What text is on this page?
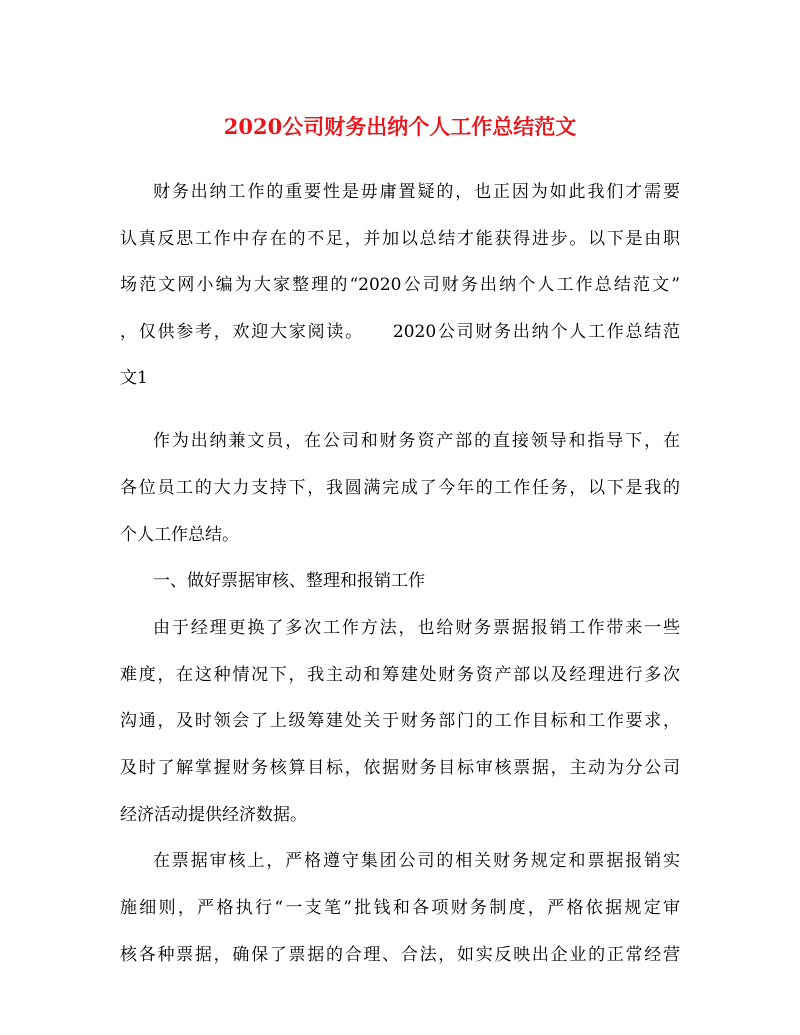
2020公司财务出纳个人工作总结范文
财务出纳工作的重要性是毋庸置疑的，也正因为如此我们才需要
认真反思工作中存在的不足，并加以总结才能获得进步。以下是由职
场范文网小编为大家整理的“2020公司财务出纳个人工作总结范文”
，仅供参考，欢迎大家阅读。　　2020公司财务出纳个人工作总结范
文1
作为出纳兼文员，在公司和财务资产部的直接领导和指导下，在
各位员工的大力支持下，我圆满完成了今年的工作任务，以下是我的
个人工作总结。
一、做好票据审核、整理和报销工作
由于经理更换了多次工作方法，也给财务票据报销工作带来一些
难度，在这种情况下，我主动和筹建处财务资产部以及经理进行多次
沟通，及时领会了上级筹建处关于财务部门的工作目标和工作要求，
及时了解掌握财务核算目标，依据财务目标审核票据，主动为分公司
经济活动提供经济数据。
在票据审核上，严格遵守集团公司的相关财务规定和票据报销实
施细则，严格执行“一支笔”批钱和各项财务制度，严格依据规定审
核各种票据，确保了票据的合理、合法，如实反映出企业的正常经营
